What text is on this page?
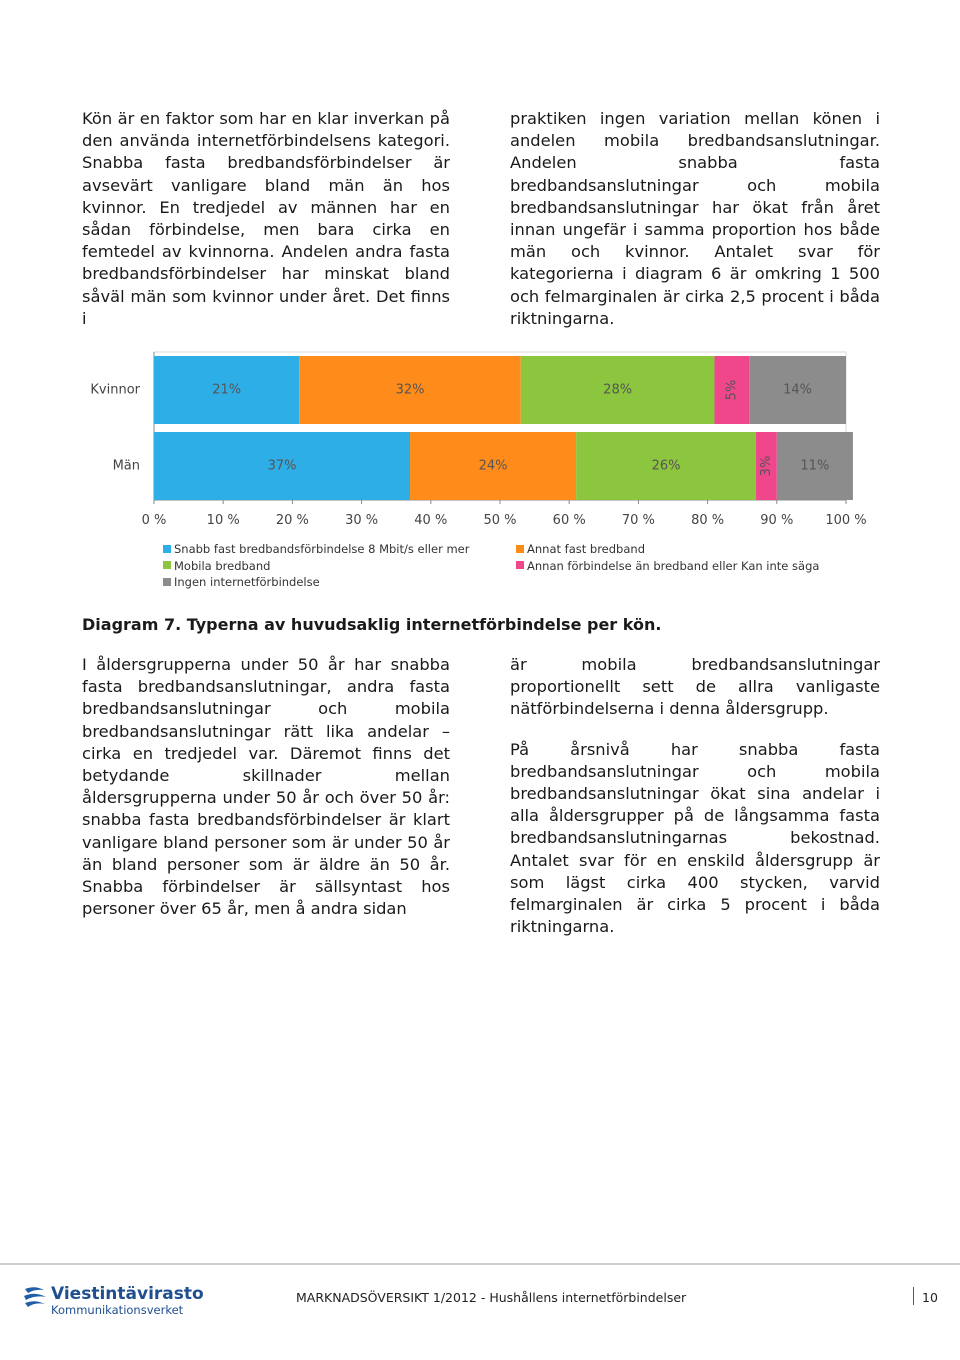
Kön är en faktor som har en klar inverkan på den använda internetförbindelsens kategori. Snabba fasta bredbandsförbindelser är avsevärt vanligare bland män än hos kvinnor. En tredjedel av männen har en sådan förbindelse, men bara cirka en femtedel av kvinnorna. Andelen andra fasta bredbandsförbindelser har minskat bland såväl män som kvinnor under året. Det finns i

praktiken ingen variation mellan könen i andelen mobila bredbandsanslutningar. Andelen snabba fasta bredbandsanslutningar och mobila bredbandsanslutningar har ökat från året innan ungefär i samma proportion hos både män och kvinnor. Antalet svar för kategorierna i diagram 6 är omkring 1 500 och felmarginalen är cirka 2,5 procent i båda riktningarna.

21%	32%	28%	5%	14%
Kvinnor
37%	24%	26%	3% 11%
Män
0 %	10 %	20 %	30 %	40 %	50 %	60 %	70 %	80 %	90 % 100 %
Snabb fast bredbandsförbindelse 8 Mbit/s eller mer
Mobila bredband
Ingen internetförbindelse
Annat fast bredband
Annan förbindelse än bredband eller Kan inte säga
Diagram 7. Typerna av huvudsaklig internetförbindelse per kön.

I åldersgrupperna under 50 år har snabba fasta bredbandsanslutningar, andra fasta bredbandsanslutningar och mobila bredbandsanslutningar rätt lika andelar – cirka en tredjedel var. Däremot finns det betydande skillnader mellan åldersgrupperna under 50 år och över 50 år: snabba fasta bredbandsförbindelser är klart vanligare bland personer som är under 50 år än bland personer som är äldre än 50 år. Snabba förbindelser är sällsyntast hos personer över 65 år, men å andra sidan

är mobila bredbandsanslutningar proportionellt sett de allra vanligaste nätförbindelserna i denna åldersgrupp.

På årsnivå har snabba fasta bredbandsanslutningar och mobila bredbandsanslutningar ökat sina andelar i alla åldersgrupper på de långsamma fasta bredbandsanslutningarnas bekostnad. Antalet svar för en enskild åldersgrupp är som lägst cirka 400 stycken, varvid felmarginalen är cirka 5 procent i båda riktningarna.

Viestintävirasto
Kommunikationsverket
MARKNADSÖVERSIKT 1/2012 - Hushållens internetförbindelser	10
